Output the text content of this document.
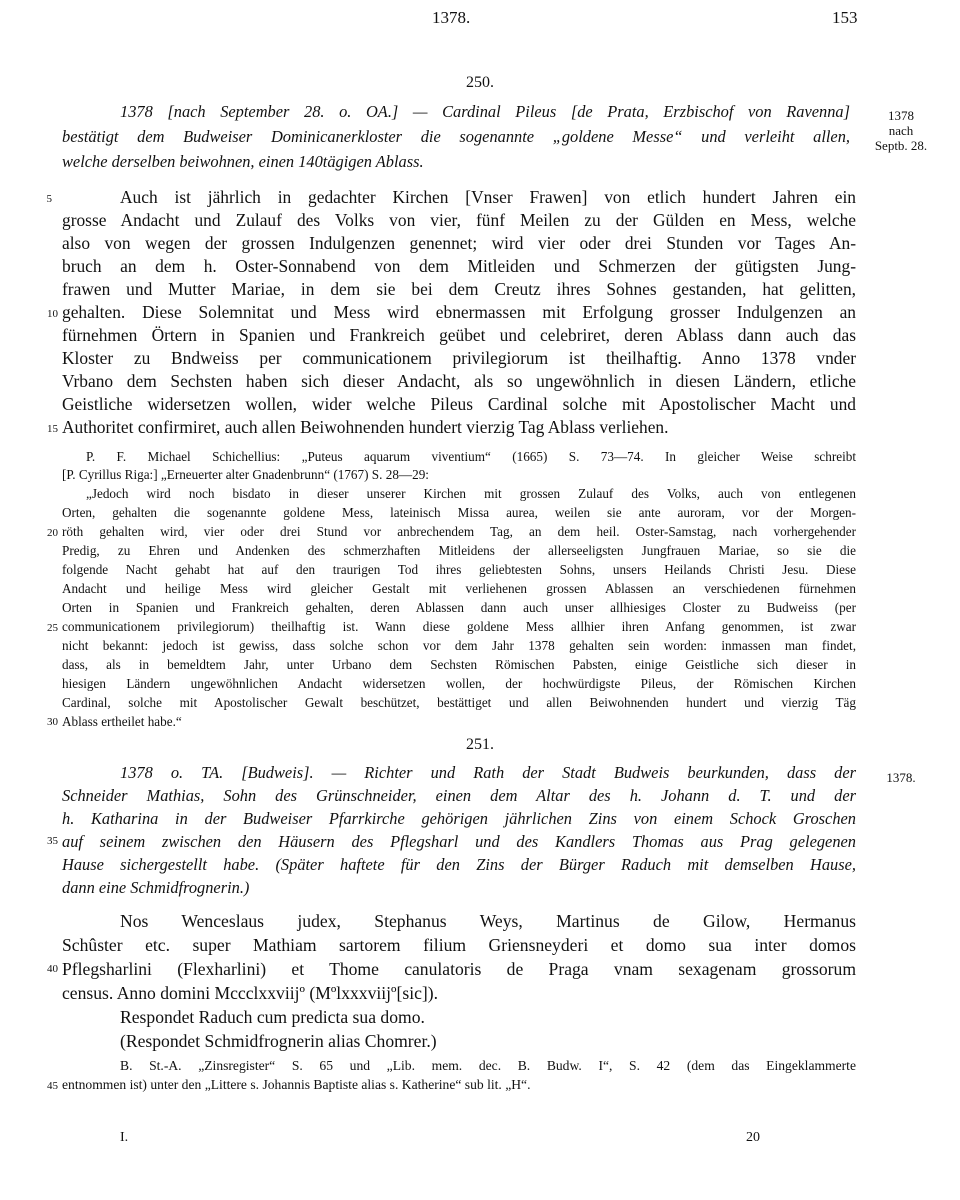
1378.	153
250.
1378 [nach September 28. o. OA.] — Cardinal Pileus [de Prata, Erzbischof von Ravenna]
bestätigt dem Budweiser Dominicanerkloster die sogenannte „goldene Messe“ und verleiht allen,
welche derselben beiwohnen, einen 140tägigen Ablass.
1378
nach
Septb. 28.
Auch ist jährlich in gedachter Kirchen [Vnser Frawen] von etlich hundert Jahren ein
grosse Andacht und Zulauf des Volks von vier, fünf Meilen zu der Gülden en Mess, welche
also von wegen der grossen Indulgenzen genennet; wird vier oder drei Stunden vor Tages An-
bruch an dem h. Oster-Sonnabend von dem Mitleiden und Schmerzen der gütigsten Jung-
frawen und Mutter Mariae, in dem sie bei dem Creutz ihres Sohnes gestanden, hat gelitten,
gehalten. Diese Solemnitat und Mess wird ebnermassen mit Erfolgung grosser Indulgenzen an
fürnehmen Örtern in Spanien und Frankreich geübet und celebriret, deren Ablass dann auch das
Kloster zu Bndweiss per communicationem privilegiorum ist theilhaftig. Anno 1378 vnder
Vrbano dem Sechsten haben sich dieser Andacht, als so ungewöhnlich in diesen Ländern, etliche
Geistliche widersetzen wollen, wider welche Pileus Cardinal solche mit Apostolischer Macht und
Authoritet confirmiret, auch allen Beiwohnenden hundert vierzig Tag Ablass verliehen.
P. F. Michael Schichellius: „Puteus aquarum viventium“ (1665) S. 73—74. In gleicher Weise schreibt
[P. Cyrillus Riga:] „Erneuerter alter Gnadenbrunn“ (1767) S. 28—29:
„Jedoch wird noch bisdato in dieser unserer Kirchen mit grossen Zulauf des Volks, auch von entlegenen
Orten, gehalten die sogenannte goldene Mess, lateinisch Missa aurea, weilen sie ante auroram, vor der Morgen-
röth gehalten wird, vier oder drei Stund vor anbrechendem Tag, an dem heil. Oster-Samstag, nach vorhergehender
Predig, zu Ehren und Andenken des schmerzhaften Mitleidens der allerseeligsten Jungfrauen Mariae, so sie die
folgende Nacht gehabt hat auf den traurigen Tod ihres geliebtesten Sohns, unsers Heilands Christi Jesu. Diese
Andacht und heilige Mess wird gleicher Gestalt mit verliehenen grossen Ablassen an verschiedenen fürnehmen
Orten in Spanien und Frankreich gehalten, deren Ablassen dann auch unser allhiesiges Closter zu Budweiss (per
communicationem privilegiorum) theilhaftig ist. Wann diese goldene Mess allhier ihren Anfang genommen, ist zwar
nicht bekannt: jedoch ist gewiss, dass solche schon vor dem Jahr 1378 gehalten sein worden: inmassen man findet,
dass, als in bemeldtem Jahr, unter Urbano dem Sechsten Römischen Pabsten, einige Geistliche sich dieser in
hiesigen Ländern ungewöhnlichen Andacht widersetzen wollen, der hochwürdigste Pileus, der Römischen Kirchen
Cardinal, solche mit Apostolischer Gewalt beschützet, bestättiget und allen Beiwohnenden hundert und vierzig Täg
Ablass ertheilet habe.“
251.
1378 o. TA. [Budweis]. — Richter und Rath der Stadt Budweis beurkunden, dass der
Schneider Mathias, Sohn des Grünschneider, einen dem Altar des h. Johann d. T. und der
h. Katharina in der Budweiser Pfarrkirche gehörigen jährlichen Zins von einem Schock Groschen
auf seinem zwischen den Häusern des Pflegsharl und des Kandlers Thomas aus Prag gelegenen
Hause sichergestellt habe. (Später haftete für den Zins der Bürger Raduch mit demselben Hause,
dann eine Schmidfrognerin.)
1378.
Nos Wenceslaus judex, Stephanus Weys, Martinus de Gilow, Hermanus
Schûster etc. super Mathiam sartorem filium Griensneyderi et domo sua inter domos
Pflegsharlini (Flexharlini) et Thome canulatoris de Praga vnam sexagenam grossorum
census. Anno domini Mccclxxviijº (Mºlxxxviijº[sic]).
Respondet Raduch cum predicta sua domo.
(Respondet Schmidfrognerin alias Chomrer.)
B. St.-A. „Zinsregister“ S. 65 und „Lib. mem. dec. B. Budw. I“, S. 42 (dem das Eingeklammerte
entnommen ist) unter den „Littere s. Johannis Baptiste alias s. Katherine“ sub lit. „H“.
5
10
15
20
25
30
35
40
45
I.	20
